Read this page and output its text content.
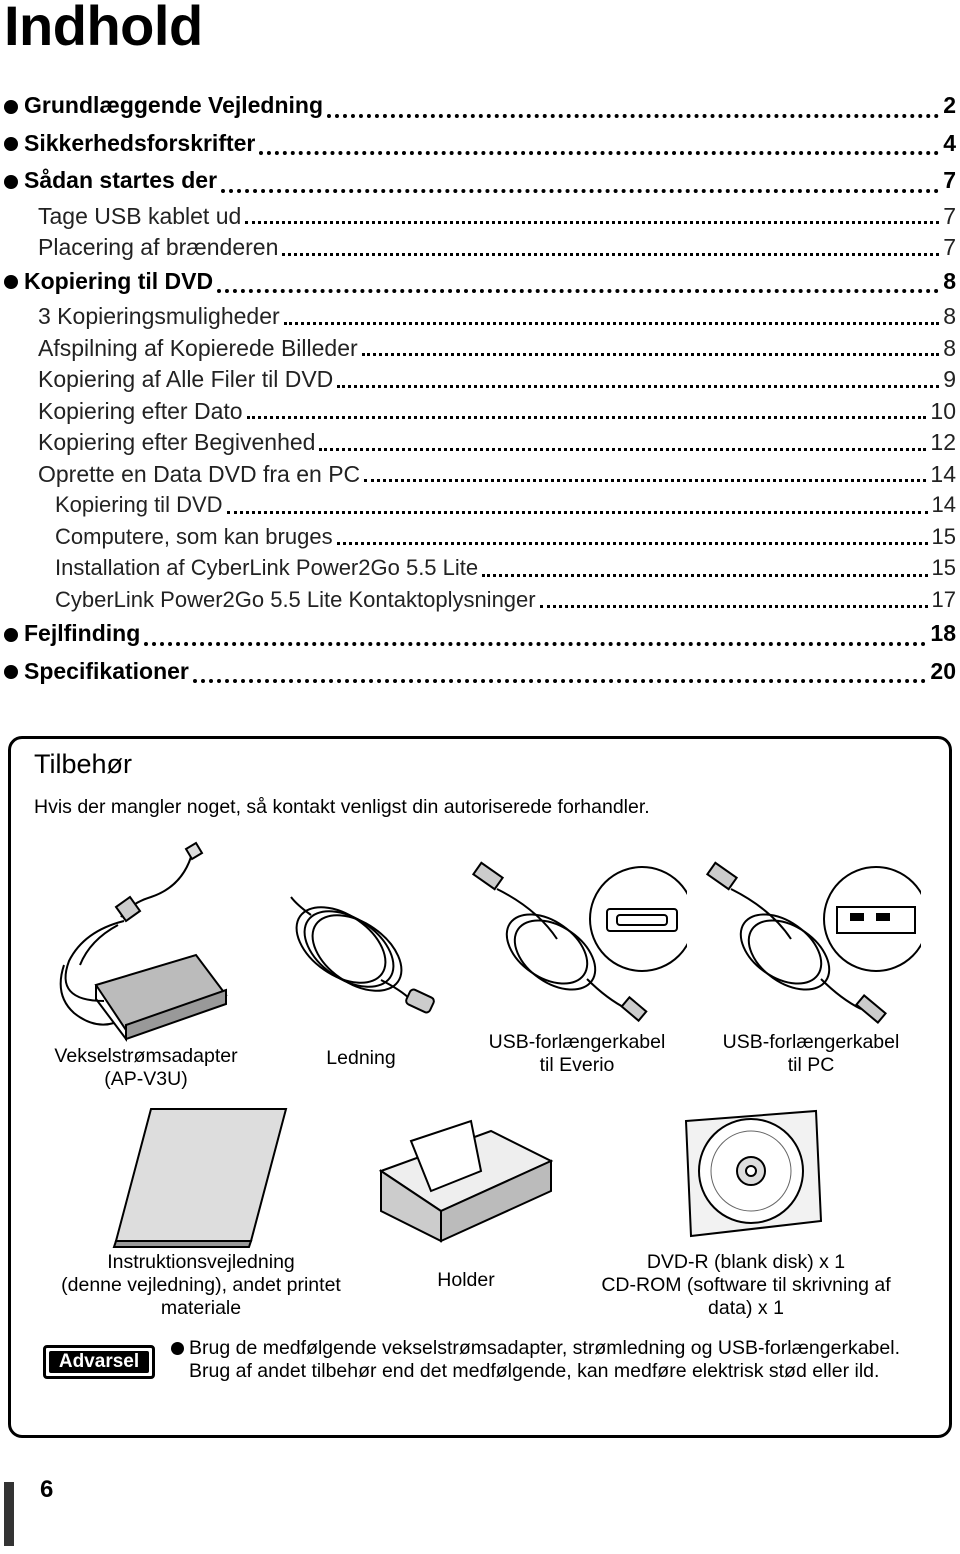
Indhold
Grundlæggende Vejledning	2
Sikkerhedsforskrifter	4
Sådan startes der	7
Tage USB kablet ud	7
Placering af brænderen	7
Kopiering til DVD	8
3 Kopieringsmuligheder	8
Afspilning af Kopierede Billeder	8
Kopiering af Alle Filer til DVD	9
Kopiering efter Dato	10
Kopiering efter Begivenhed	12
Oprette en Data DVD fra en PC	14
Kopiering til DVD	14
Computere, som kan bruges	15
Installation af CyberLink Power2Go 5.5 Lite	15
CyberLink Power2Go 5.5 Lite Kontaktoplysninger	17
Fejlfinding	18
Specifikationer	20
Tilbehør
Hvis der mangler noget, så kontakt venligst din autoriserede forhandler.
Vekselstrømsadapter
(AP-V3U)
Ledning
USB-forlængerkabel
til Everio
USB-forlængerkabel
til PC
Instruktionsvejledning
(denne vejledning), andet printet
materiale
Holder
DVD-R (blank disk) x 1
CD-ROM (software til skrivning af
data) x 1
Advarsel
Brug de medfølgende vekselstrømsadapter, strømledning og USB-forlængerkabel. Brug af andet tilbehør end det medfølgende, kan medføre elektrisk stød eller ild.
6
